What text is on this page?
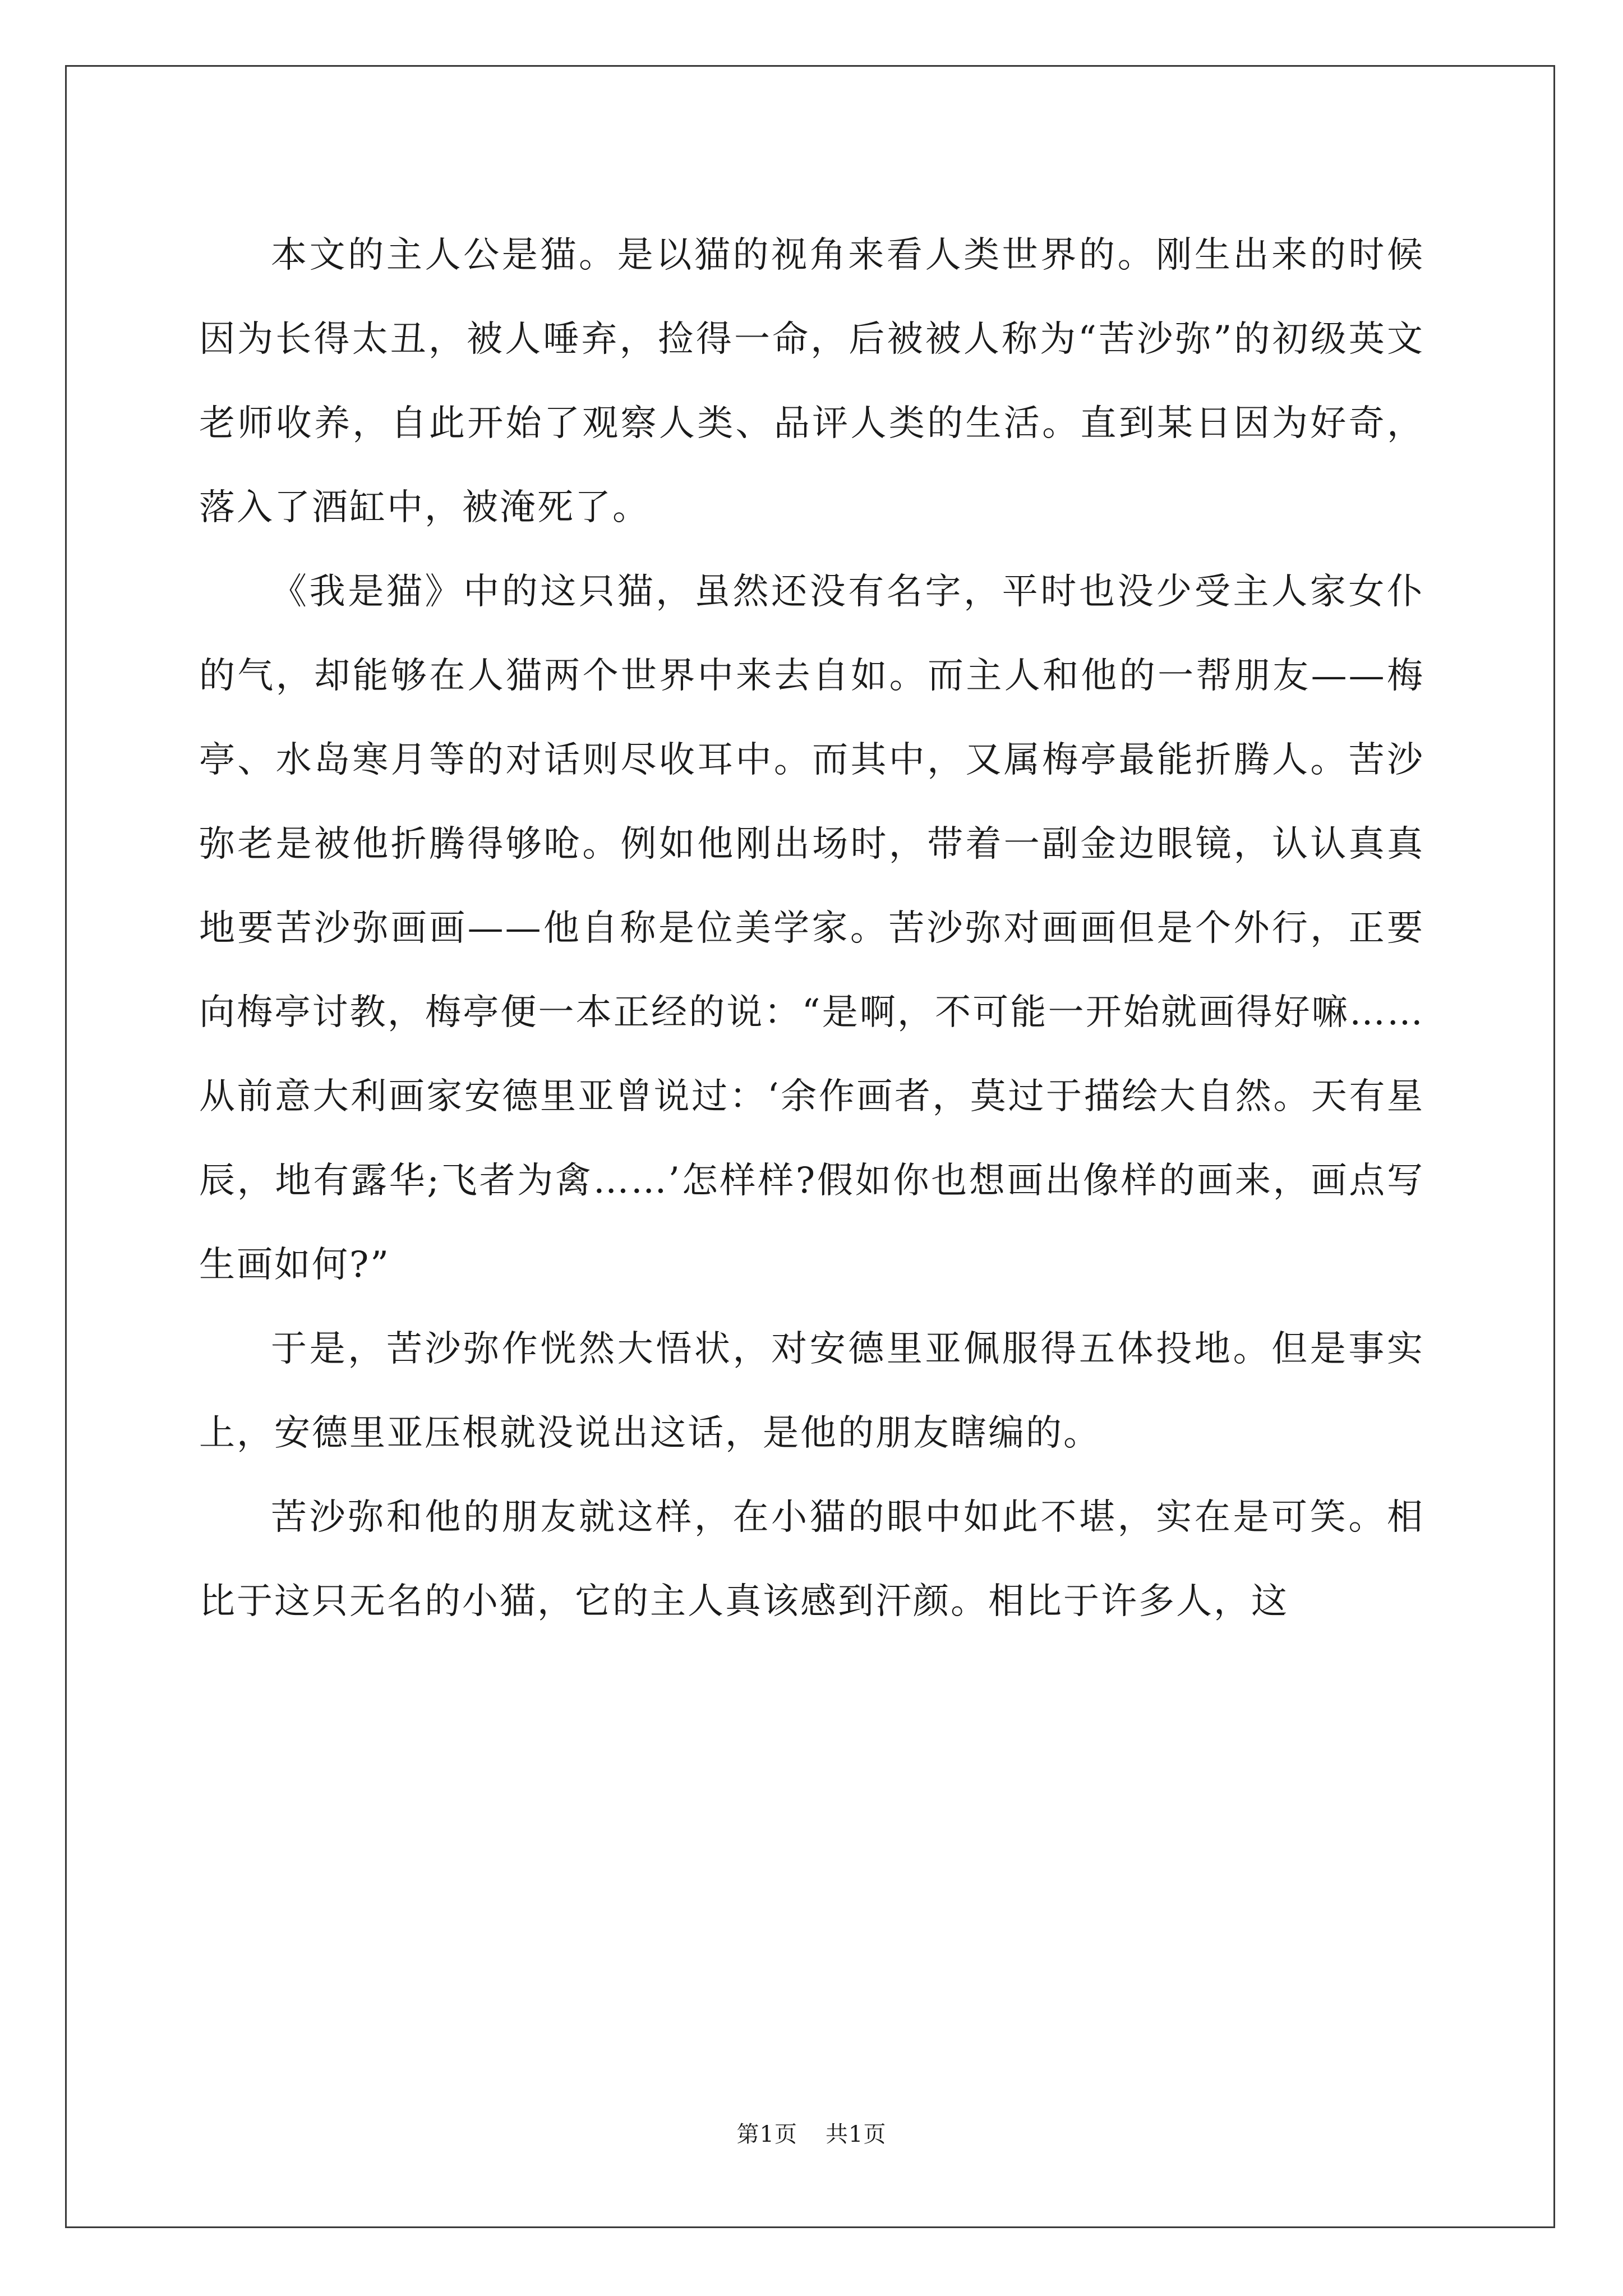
本文的主人公是猫。是以猫的视角来看人类世界的。刚生出来的时候因为长得太丑，被人唾弃，捡得一命，后被被人称为“苦沙弥”的初级英文老师收养，自此开始了观察人类、品评人类的生活。直到某日因为好奇，落入了酒缸中，被淹死了。

《我是猫》中的这只猫，虽然还没有名字，平时也没少受主人家女仆的气，却能够在人猫两个世界中来去自如。而主人和他的一帮朋友——梅亭、水岛寒月等的对话则尽收耳中。而其中，又属梅亭最能折腾人。苦沙弥老是被他折腾得够呛。例如他刚出场时，带着一副金边眼镜，认认真真地要苦沙弥画画——他自称是位美学家。苦沙弥对画画但是个外行，正要向梅亭讨教，梅亭便一本正经的说：“是啊，不可能一开始就画得好嘛……从前意大利画家安德里亚曾说过：‘余作画者，莫过于描绘大自然。天有星辰，地有露华;飞者为禽……’怎样样?假如你也想画出像样的画来，画点写生画如何?”

于是，苦沙弥作恍然大悟状，对安德里亚佩服得五体投地。但是事实上，安德里亚压根就没说出这话，是他的朋友瞎编的。

苦沙弥和他的朋友就这样，在小猫的眼中如此不堪，实在是可笑。相比于这只无名的小猫，它的主人真该感到汗颜。相比于许多人，这

第1页 共1页
